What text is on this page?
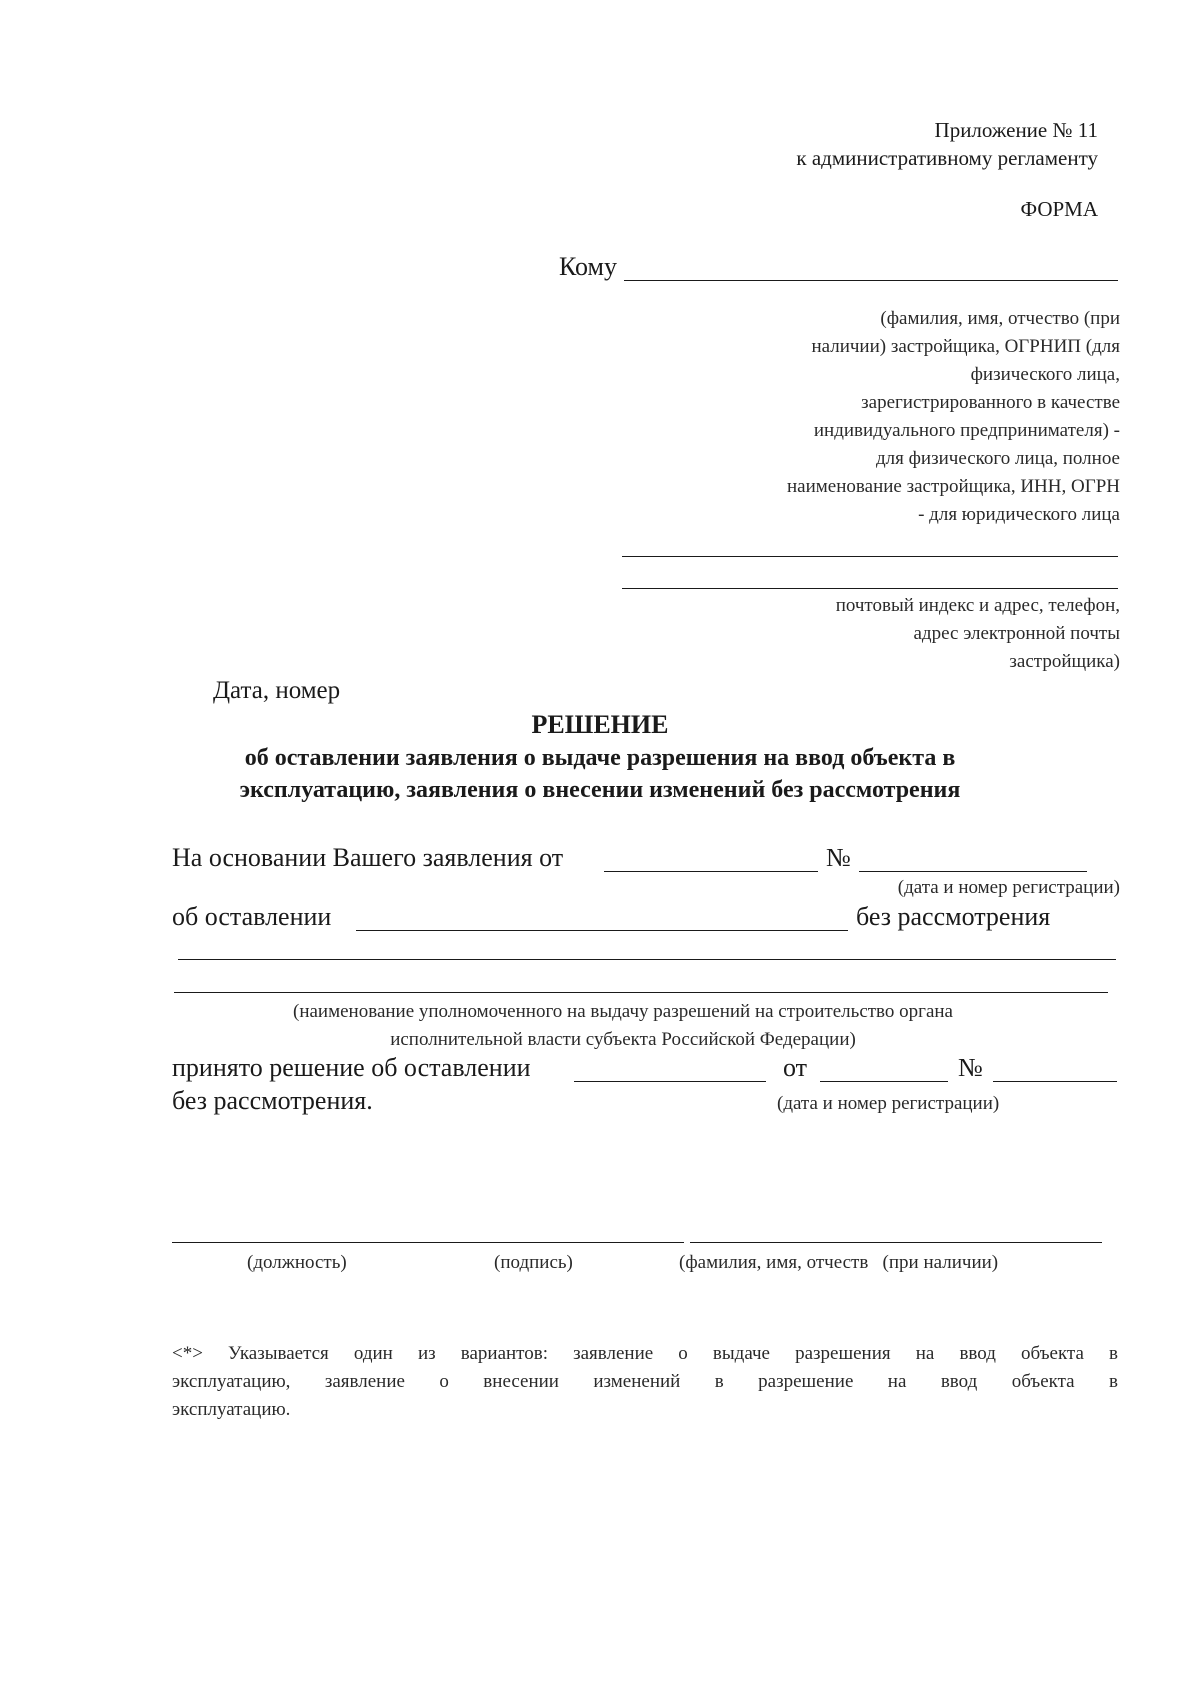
Приложение № 11
к административному регламенту
ФОРМА
Кому
(фамилия, имя, отчество (при
наличии) застройщика, ОГРНИП (для
физического лица,
зарегистрированного в качестве
индивидуального предпринимателя) -
для физического лица, полное
наименование застройщика, ИНН, ОГРН
- для юридического лица
почтовый индекс и адрес, телефон,
адрес электронной почты
застройщика)
Дата, номер
РЕШЕНИЕ
об оставлении заявления о выдаче разрешения на ввод объекта в
эксплуатацию, заявления о внесении изменений без рассмотрения
На основании Вашего заявления от	№
(дата и номер регистрации)
об оставлении	без рассмотрения
(наименование уполномоченного на выдачу разрешений на строительство органа
исполнительной власти субъекта Российской Федерации)
принято решение об оставлении	от	№
без рассмотрения.	(дата и номер регистрации)
(должность)	(подпись)	(фамилия, имя, отчеств   (при наличии)
<*> Указывается один из вариантов: заявление о выдаче разрешения на ввод объекта в
эксплуатацию, заявление о внесении изменений в разрешение на ввод объекта в
эксплуатацию.
